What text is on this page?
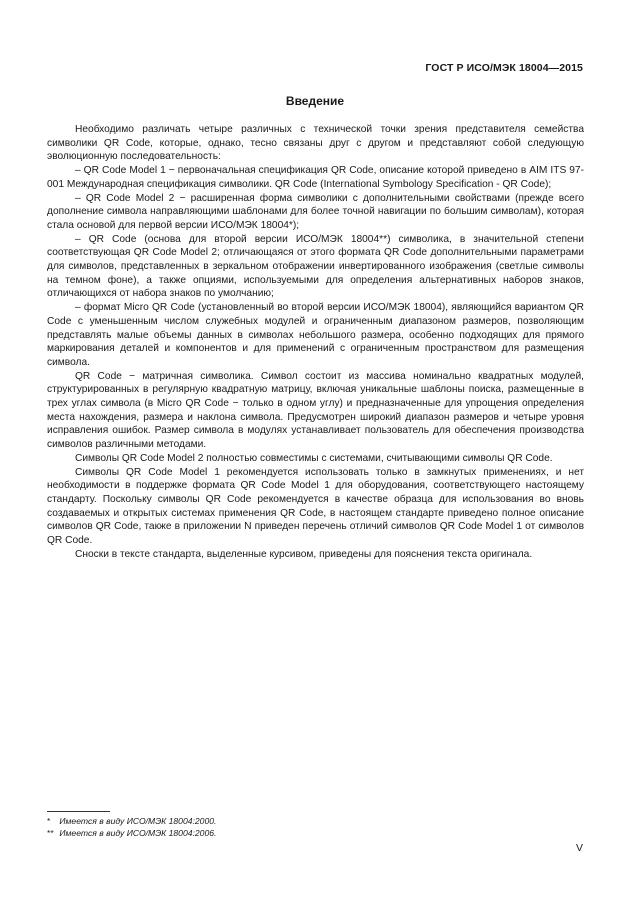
ГОСТ Р ИСО/МЭК 18004—2015
Введение

Необходимо различать четыре различных с технической точки зрения представителя семейства символики QR Code, которые, однако, тесно связаны друг с другом и представляют собой следующую эволюционную последовательность:

– QR Code Model 1 − первоначальная спецификация QR Code, описание которой приведено в AIM ITS 97-001 Международная спецификация символики. QR Code (International Symbology Specification - QR Code);

– QR Code Model 2 − расширенная форма символики с дополнительными свойствами (прежде всего дополнение символа направляющими шаблонами для более точной навигации по большим символам), которая стала основой для первой версии ИСО/МЭК 18004*);

– QR Code (основа для второй версии ИСО/МЭК 18004**) символика, в значительной степени соответствующая QR Code Model 2; отличающаяся от этого формата QR Code дополнительными параметрами для символов, представленных в зеркальном отображении инвертированного изображения (светлые символы на темном фоне), а также опциями, используемыми для определения альтернативных наборов знаков, отличающихся от набора знаков по умолчанию;

– формат Micro QR Code (установленный во второй версии ИСО/МЭК 18004), являющийся вариантом QR Code с уменьшенным числом служебных модулей и ограниченным диапазоном размеров, позволяющим представлять малые объемы данных в символах небольшого размера, особенно подходящих для прямого маркирования деталей и компонентов и для применений с ограниченным пространством для размещения символа.

QR Code − матричная символика. Символ состоит из массива номинально квадратных модулей, структурированных в регулярную квадратную матрицу, включая уникальные шаблоны поиска, размещенные в трех углах символа (в Micro QR Code − только в одном углу) и предназначенные для упрощения определения места нахождения, размера и наклона символа. Предусмотрен широкий диапазон размеров и четыре уровня исправления ошибок. Размер символа в модулях устанавливает пользователь для обеспечения производства символов различными методами.

Символы QR Code Model 2 полностью совместимы с системами, считывающими символы QR Code.

Символы QR Code Model 1 рекомендуется использовать только в замкнутых применениях, и нет необходимости в поддержке формата QR Code Model 1 для оборудования, соответствующего настоящему стандарту. Поскольку символы QR Code рекомендуется в качестве образца для использования во вновь создаваемых и открытых системах применения QR Code, в настоящем стандарте приведено полное описание символов QR Code, также в приложении N приведен перечень отличий символов QR Code Model 1 от символов QR Code.

Сноски в тексте стандарта, выделенные курсивом, приведены для пояснения текста оригинала.

* Имеется в виду ИСО/МЭК 18004:2000.
** Имеется в виду ИСО/МЭК 18004:2006.
V
